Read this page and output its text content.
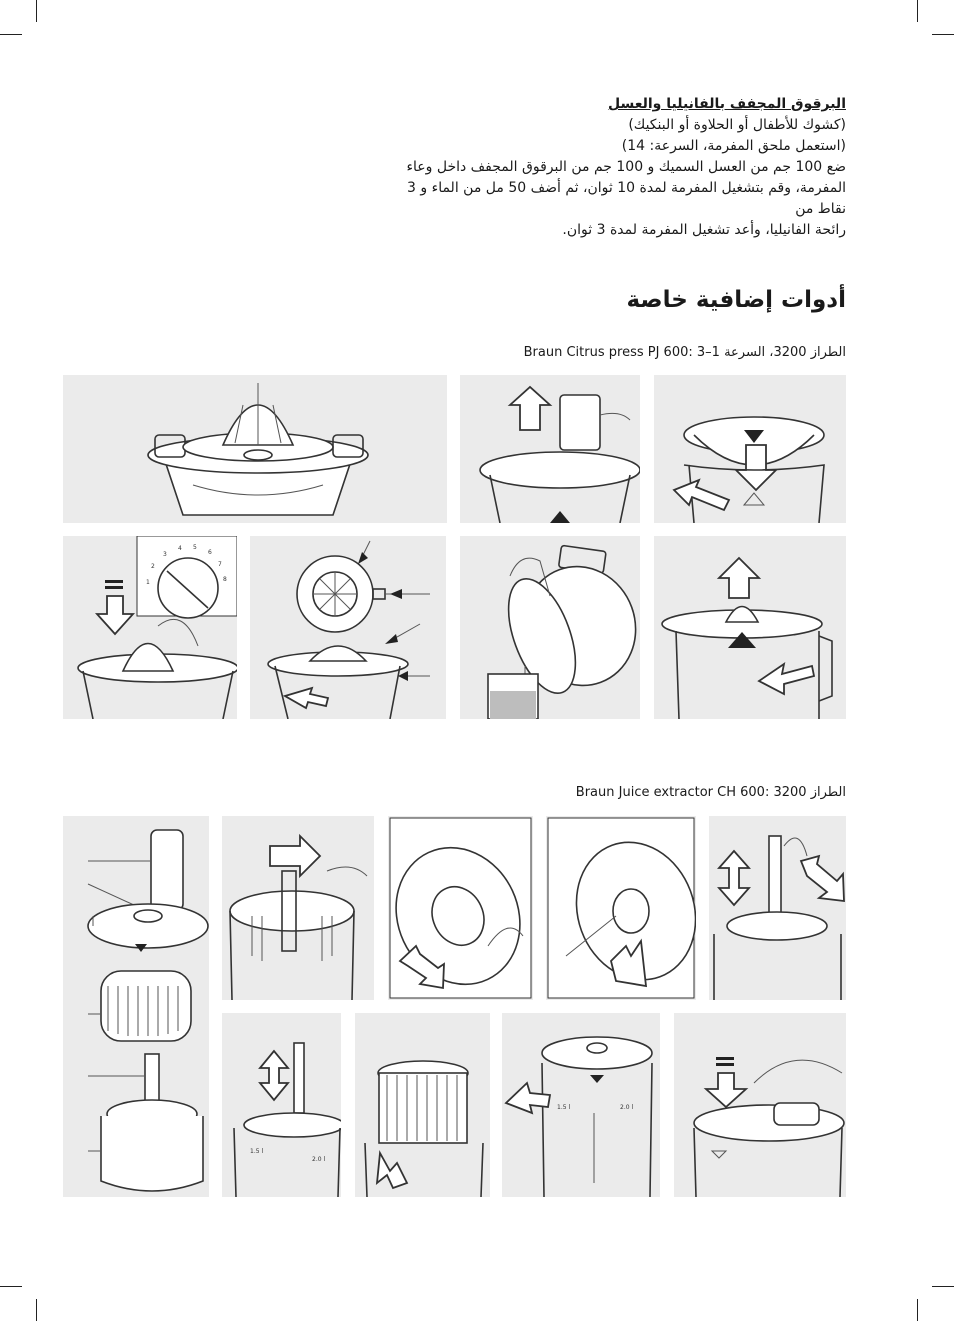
البرقوق المجفف بالفانيليا والعسل

(كشوك للأطفال أو الحلاوة أو البنكيك)

(استعمل ملحق المفرمة، السرعة: 14)

ضع 100 جم من العسل السميك و 100 جم من البرقوق المجفف داخل وعاء

المفرمة، وقم بتشغيل المفرمة لمدة 10 ثوان، ثم أضف 50 مل من الماء و 3 نقاط من

رائحة الفانيليا، وأعد تشغيل المفرمة لمدة 3 ثوان.

أدوات إضافية خاصة
Braun Citrus press PJ 600: الطراز 3200، السرعة 1–3
1
2
3
4 5
6
7
8
Braun Juice extractor CH 600: الطراز 3200
1.5 l
2.0 l
1.5 l	2.0 l
